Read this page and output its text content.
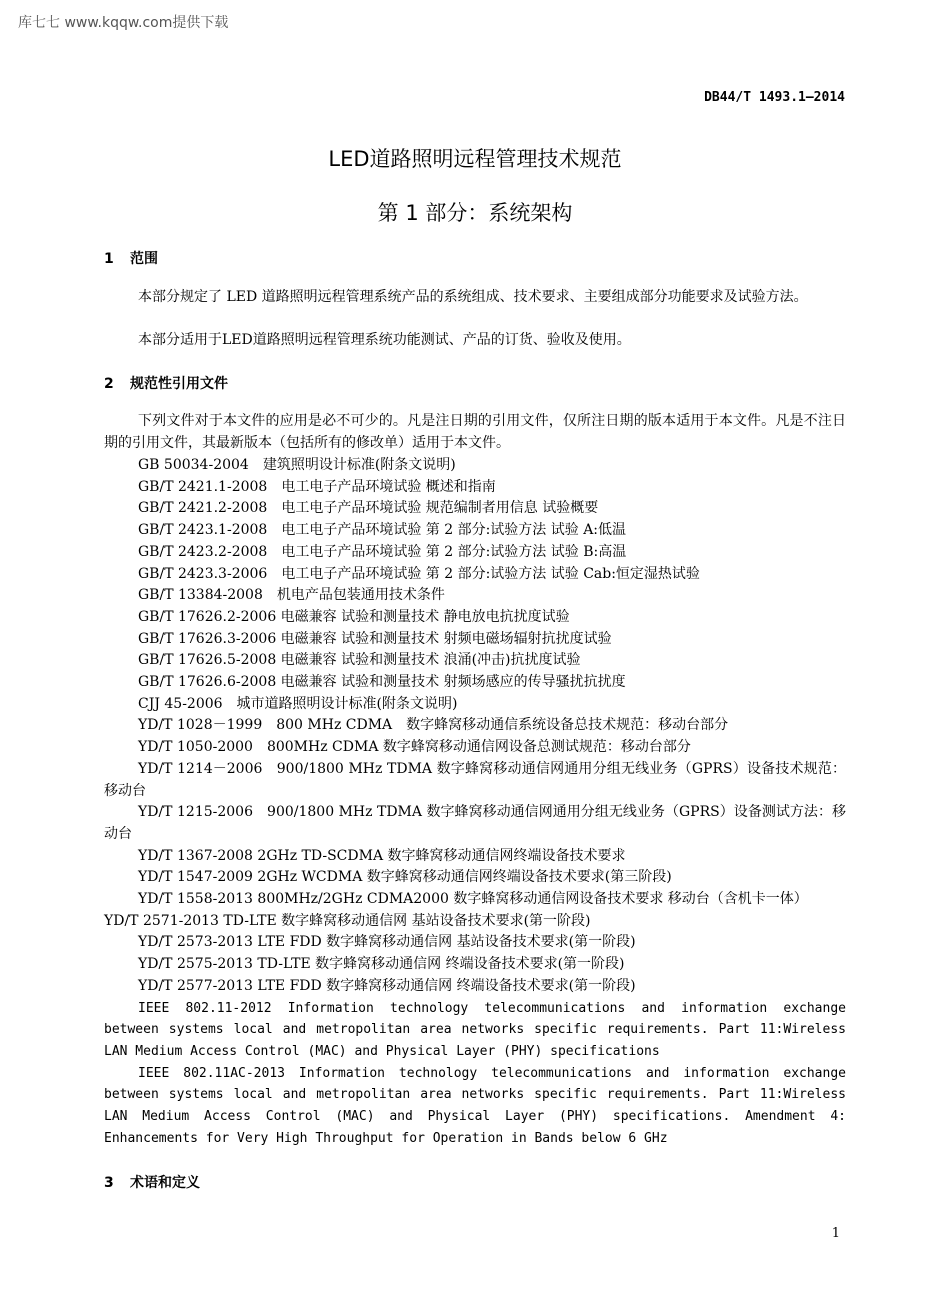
库七七 www.kqqw.com提供下载
DB44/T 1493.1—2014
LED道路照明远程管理技术规范
第 1 部分：系统架构
1 范围
本部分规定了 LED 道路照明远程管理系统产品的系统组成、技术要求、主要组成部分功能要求及试验方法。
本部分适用于LED道路照明远程管理系统功能测试、产品的订货、验收及使用。
2 规范性引用文件
下列文件对于本文件的应用是必不可少的。凡是注日期的引用文件，仅所注日期的版本适用于本文件。凡是不注日期的引用文件，其最新版本（包括所有的修改单）适用于本文件。
GB 50034-2004　建筑照明设计标准(附条文说明)
GB/T 2421.1-2008　电工电子产品环境试验 概述和指南
GB/T 2421.2-2008　电工电子产品环境试验 规范编制者用信息 试验概要
GB/T 2423.1-2008　电工电子产品环境试验 第 2 部分:试验方法 试验 A:低温
GB/T 2423.2-2008　电工电子产品环境试验 第 2 部分:试验方法 试验 B:高温
GB/T 2423.3-2006　电工电子产品环境试验 第 2 部分:试验方法 试验 Cab:恒定湿热试验
GB/T 13384-2008　机电产品包装通用技术条件
GB/T 17626.2-2006 电磁兼容 试验和测量技术 静电放电抗扰度试验
GB/T 17626.3-2006 电磁兼容 试验和测量技术 射频电磁场辐射抗扰度试验
GB/T 17626.5-2008 电磁兼容 试验和测量技术 浪涌(冲击)抗扰度试验
GB/T 17626.6-2008 电磁兼容 试验和测量技术 射频场感应的传导骚扰抗扰度
CJJ 45-2006　城市道路照明设计标准(附条文说明)
YD/T 1028－1999　800 MHz CDMA　数字蜂窝移动通信系统设备总技术规范：移动台部分
YD/T 1050-2000　800MHz CDMA 数字蜂窝移动通信网设备总测试规范：移动台部分
YD/T 1214－2006　900/1800 MHz TDMA 数字蜂窝移动通信网通用分组无线业务（GPRS）设备技术规范：移动台
YD/T 1215-2006　900/1800 MHz TDMA 数字蜂窝移动通信网通用分组无线业务（GPRS）设备测试方法：移动台
YD/T 1367-2008 2GHz TD-SCDMA 数字蜂窝移动通信网终端设备技术要求
YD/T 1547-2009 2GHz WCDMA 数字蜂窝移动通信网终端设备技术要求(第三阶段)
YD/T 1558-2013 800MHz/2GHz CDMA2000 数字蜂窝移动通信网设备技术要求 移动台（含机卡一体）
YD/T 2571-2013 TD-LTE 数字蜂窝移动通信网 基站设备技术要求(第一阶段)
YD/T 2573-2013 LTE FDD 数字蜂窝移动通信网 基站设备技术要求(第一阶段)
YD/T 2575-2013 TD-LTE 数字蜂窝移动通信网 终端设备技术要求(第一阶段)
YD/T 2577-2013 LTE FDD 数字蜂窝移动通信网 终端设备技术要求(第一阶段)
IEEE 802.11-2012 Information technology telecommunications and information exchange between systems local and metropolitan area networks specific requirements. Part 11:Wireless LAN Medium Access Control (MAC) and Physical Layer (PHY) specifications
IEEE 802.11AC-2013 Information technology telecommunications and information exchange between systems local and metropolitan area networks specific requirements. Part 11:Wireless LAN Medium Access Control (MAC) and Physical Layer (PHY) specifications. Amendment 4: Enhancements for Very High Throughput for Operation in Bands below 6 GHz
3 术语和定义
1
